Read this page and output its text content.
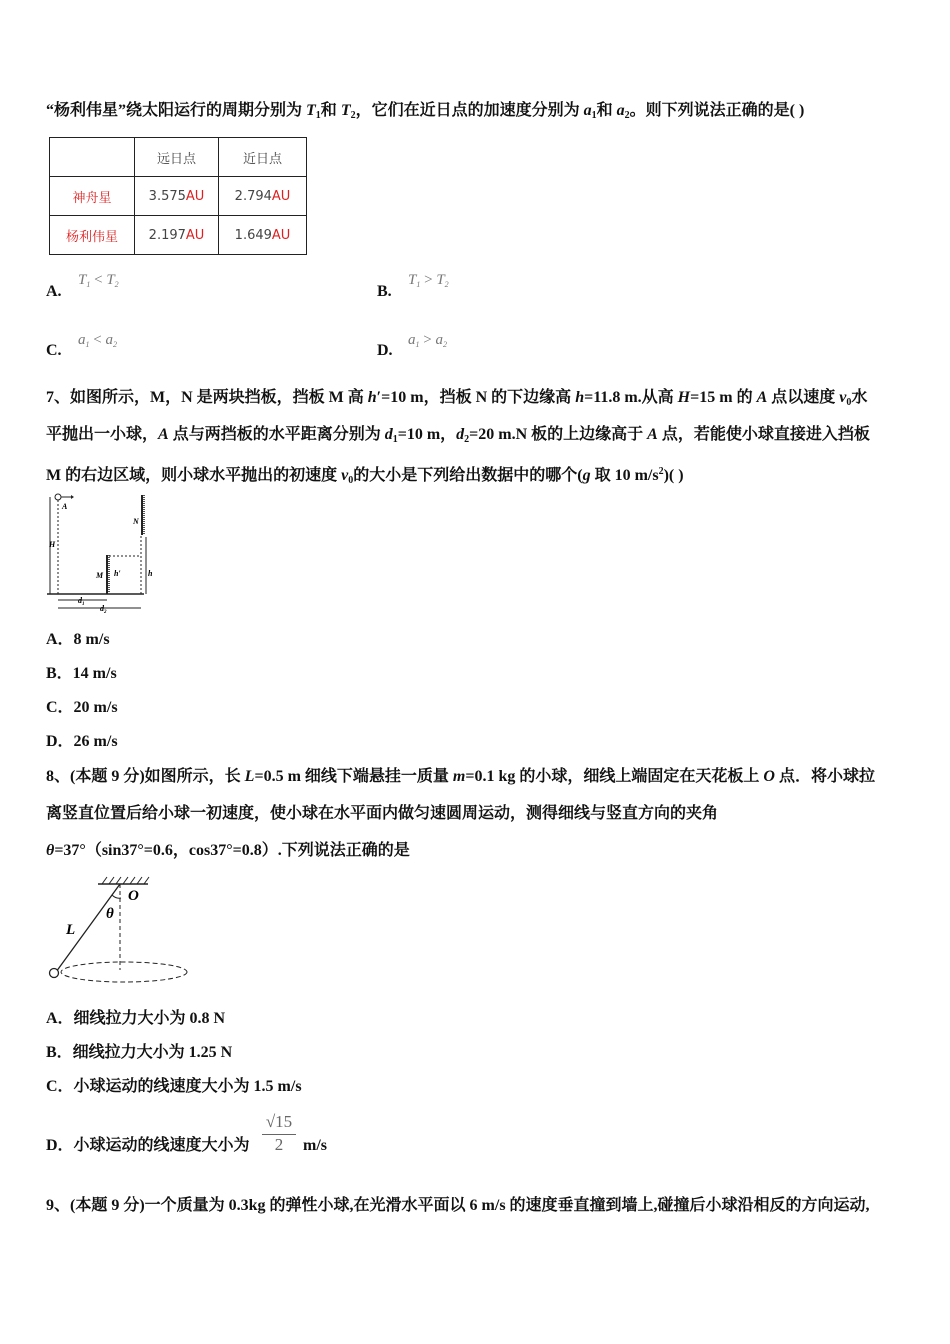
“杨利伟星”绕太阳运行的周期分别为 $T_1$和 $T_2$，它们在近日点的加速度分别为 $a_1$和 $a_2$。则下列说法正确的是( )
	远日点	近日点
神舟星	3.575AU	2.794AU
杨利伟星	2.197AU	1.649AU
A.
$T_1 < T_2$	B.
$T_1 > T_2$
C.
$a_1 < a_2$	D.
$a_1 > a_2$
7、如图所示，M，N 是两块挡板，挡板 M 高 h′=10 m，挡板 N 的下边缘高 h=11.8 m.从高 H=15 m 的 A 点以速度 $v_0$水
平抛出一小球，A 点与两挡板的水平距离分别为 $d_1=10$ m，$d_2=20$ m.N 板的上边缘高于 A 点，若能使小球直接进入挡板
M 的右边区域，则小球水平抛出的初速度 $v_0$的大小是下列给出数据中的哪个(g 取 10 $m/s^2$)( )
A
H
N
M h′	h
$d_1$ $d_2$
A．8 m/s
B．14 m/s
C．20 m/s
D．26 m/s
8、(本题 9 分)如图所示，长 L=0.5 m 细线下端悬挂一质量 m=0.1 kg 的小球，细线上端固定在天花板上 O 点．将小球拉
离竖直位置后给小球一初速度，使小球在水平面内做匀速圆周运动，测得细线与竖直方向的夹角
θ=37°（sin37°=0.6，cos37°=0.8）.下列说法正确的是
O
θ
L
A．细线拉力大小为 0.8 N
B．细线拉力大小为 1.25 N
C．小球运动的线速度大小为 1.5 m/s
D．小球运动的线速度大小为 $\frac{√15}{2} m/s$
9、(本题 9 分)一个质量为 0.3kg 的弹性小球,在光滑水平面以 6 m/s 的速度垂直撞到墙上,碰撞后小球沿相反的方向运动,
